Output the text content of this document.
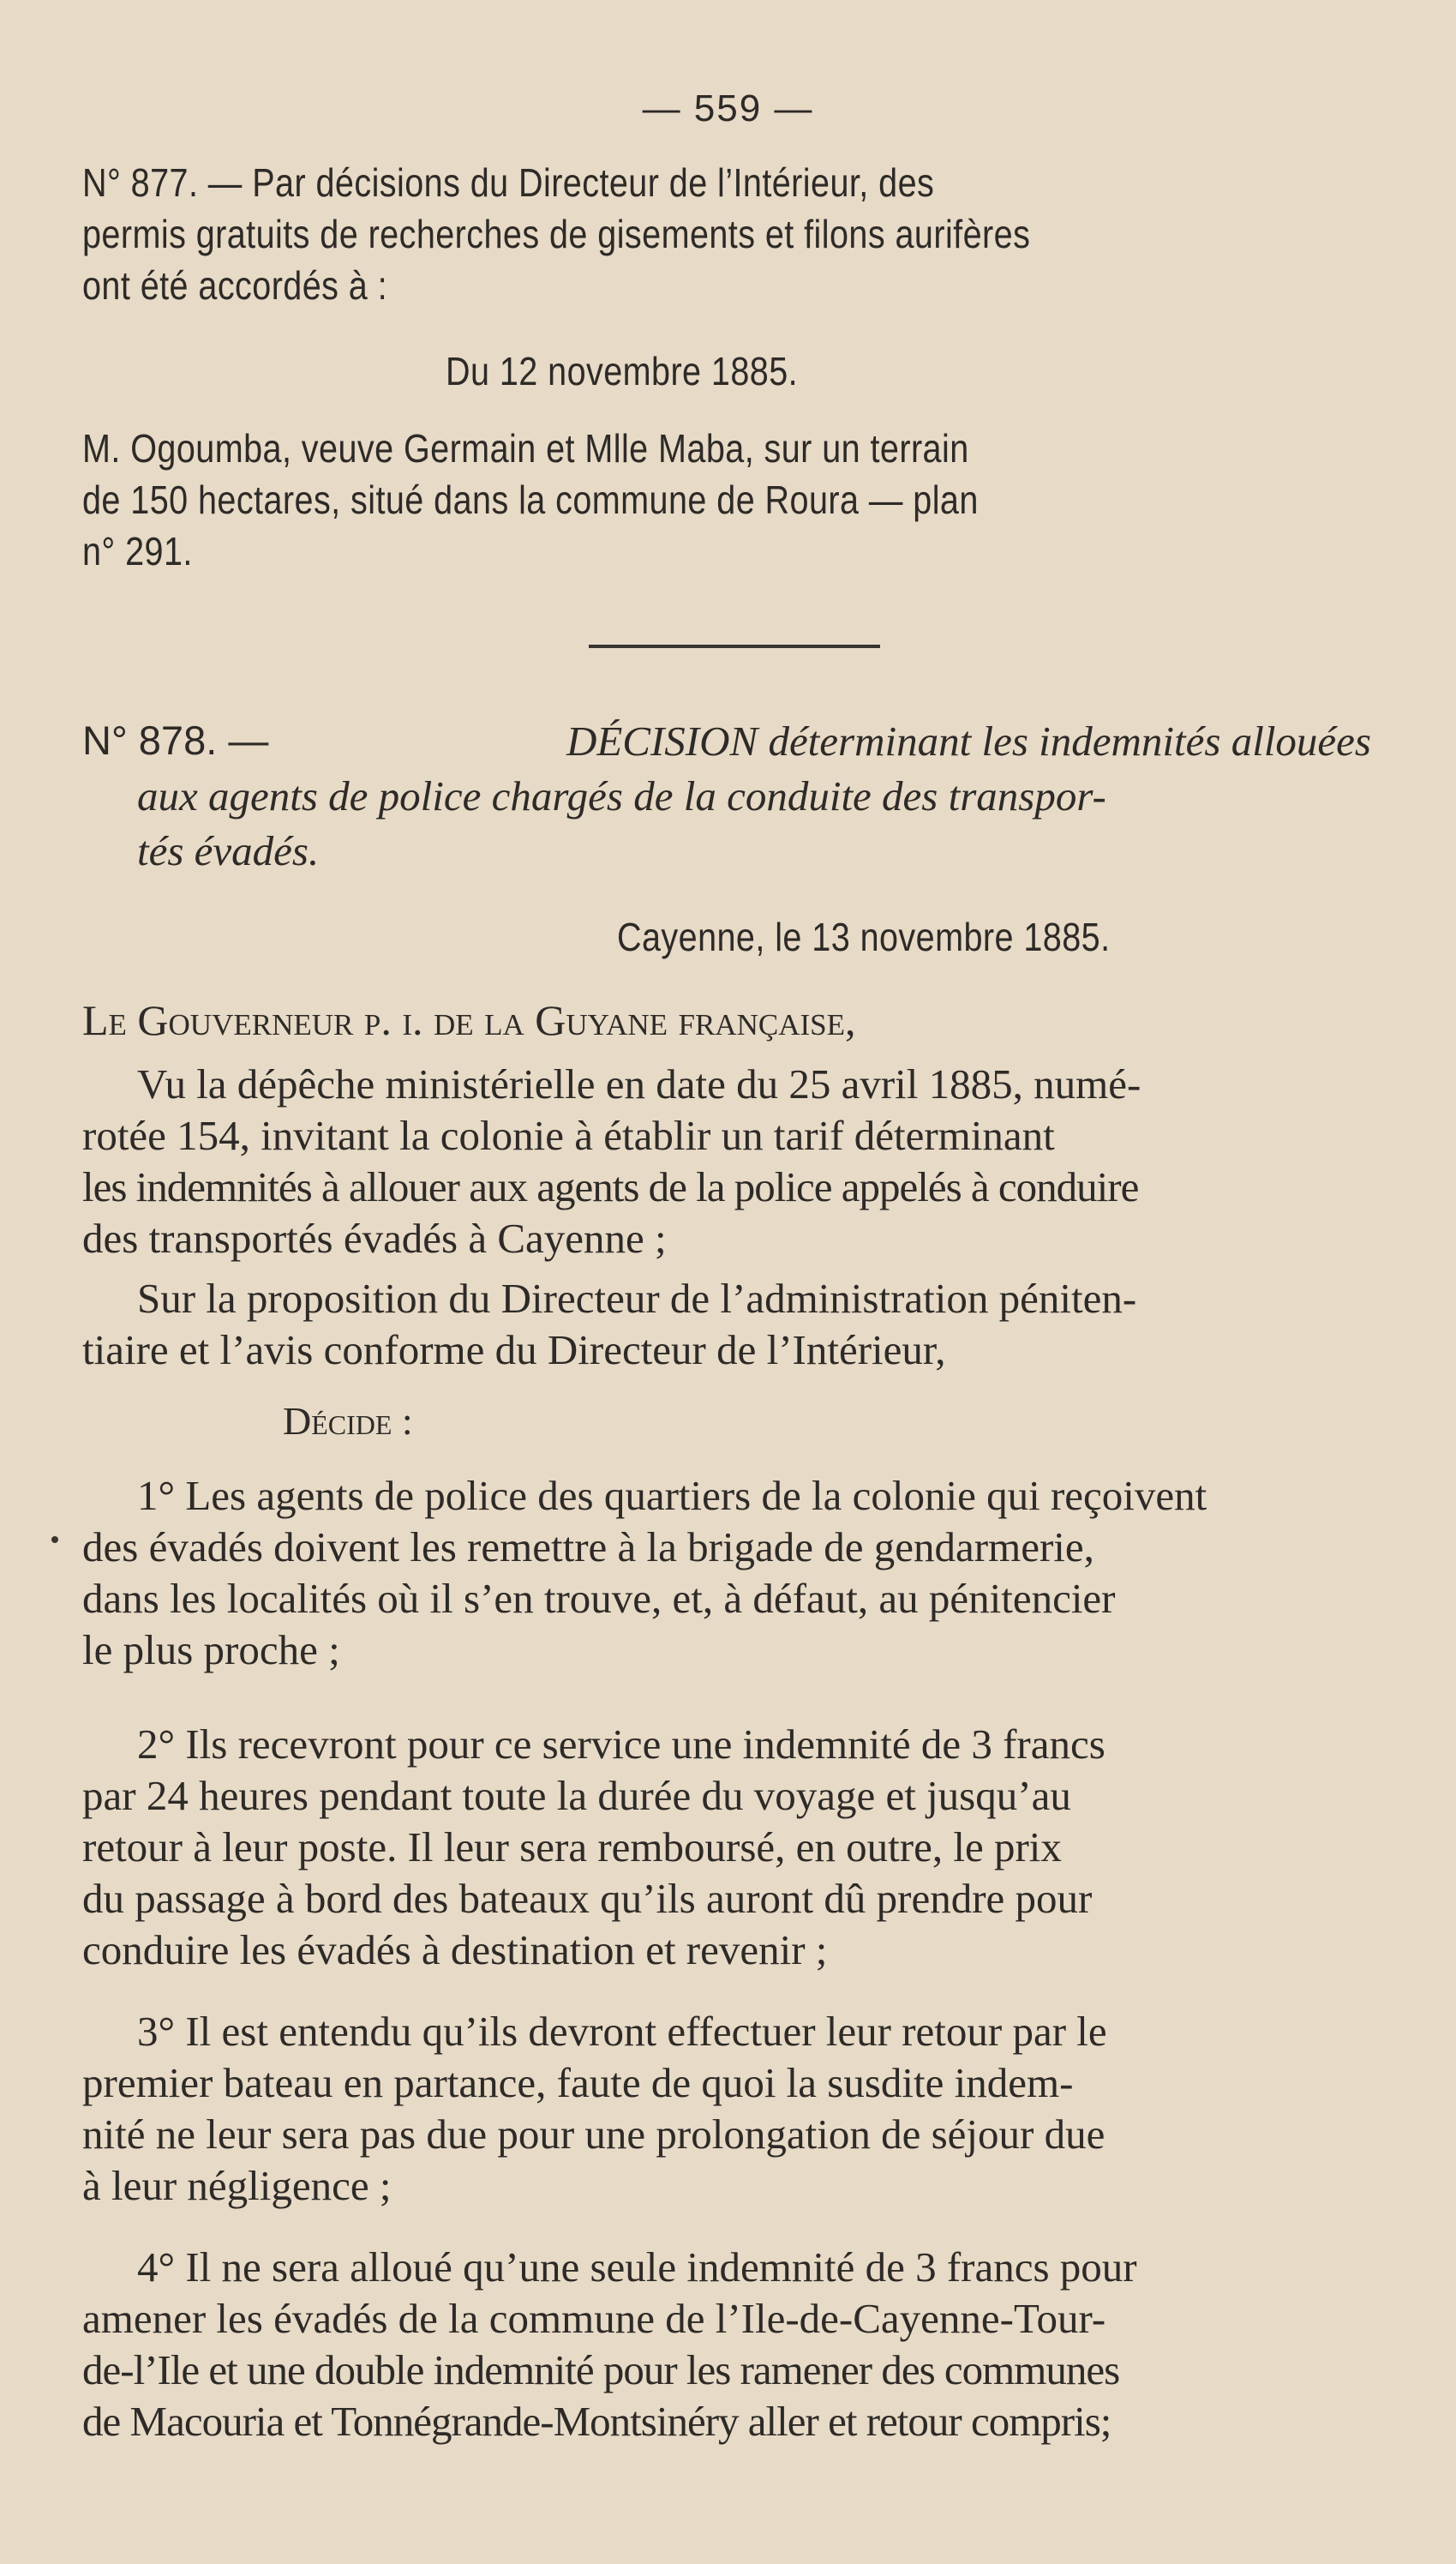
— 559 —
N° 877. — Par décisions du Directeur de l’Intérieur, des
permis gratuits de recherches de gisements et filons aurifères
ont été accordés à :
Du 12 novembre 1885.
M. Ogoumba, veuve Germain et Mlle Maba, sur un terrain
de 150 hectares, situé dans la commune de Roura — plan
n° 291.
N° 878. —	DÉCISION déterminant les indemnités allouées
aux agents de police chargés de la conduite des transpor-
tés évadés.
Cayenne, le 13 novembre 1885.
Le Gouverneur p. i. de la Guyane française,
Vu la dépêche ministérielle en date du 25 avril 1885, numé-
rotée 154, invitant la colonie à établir un tarif déterminant
les indemnités à allouer aux agents de la police appelés à conduire
des transportés évadés à Cayenne ;
Sur la proposition du Directeur de l’administration péniten-
tiaire et l’avis conforme du Directeur de l’Intérieur,
Décide :
1° Les agents de police des quartiers de la colonie qui reçoivent
des évadés doivent les remettre à la brigade de gendarmerie,
dans les localités où il s’en trouve, et, à défaut, au pénitencier
le plus proche ;
2° Ils recevront pour ce service une indemnité de 3 francs
par 24 heures pendant toute la durée du voyage et jusqu’au
retour à leur poste. Il leur sera remboursé, en outre, le prix
du passage à bord des bateaux qu’ils auront dû prendre pour
conduire les évadés à destination et revenir ;
3° Il est entendu qu’ils devront effectuer leur retour par le
premier bateau en partance, faute de quoi la susdite indem-
nité ne leur sera pas due pour une prolongation de séjour due
à leur négligence ;
4° Il ne sera alloué qu’une seule indemnité de 3 francs pour
amener les évadés de la commune de l’Ile-de-Cayenne-Tour-
de-l’Ile et une double indemnité pour les ramener des communes
de Macouria et Tonnégrande-Montsinéry aller et retour compris;
